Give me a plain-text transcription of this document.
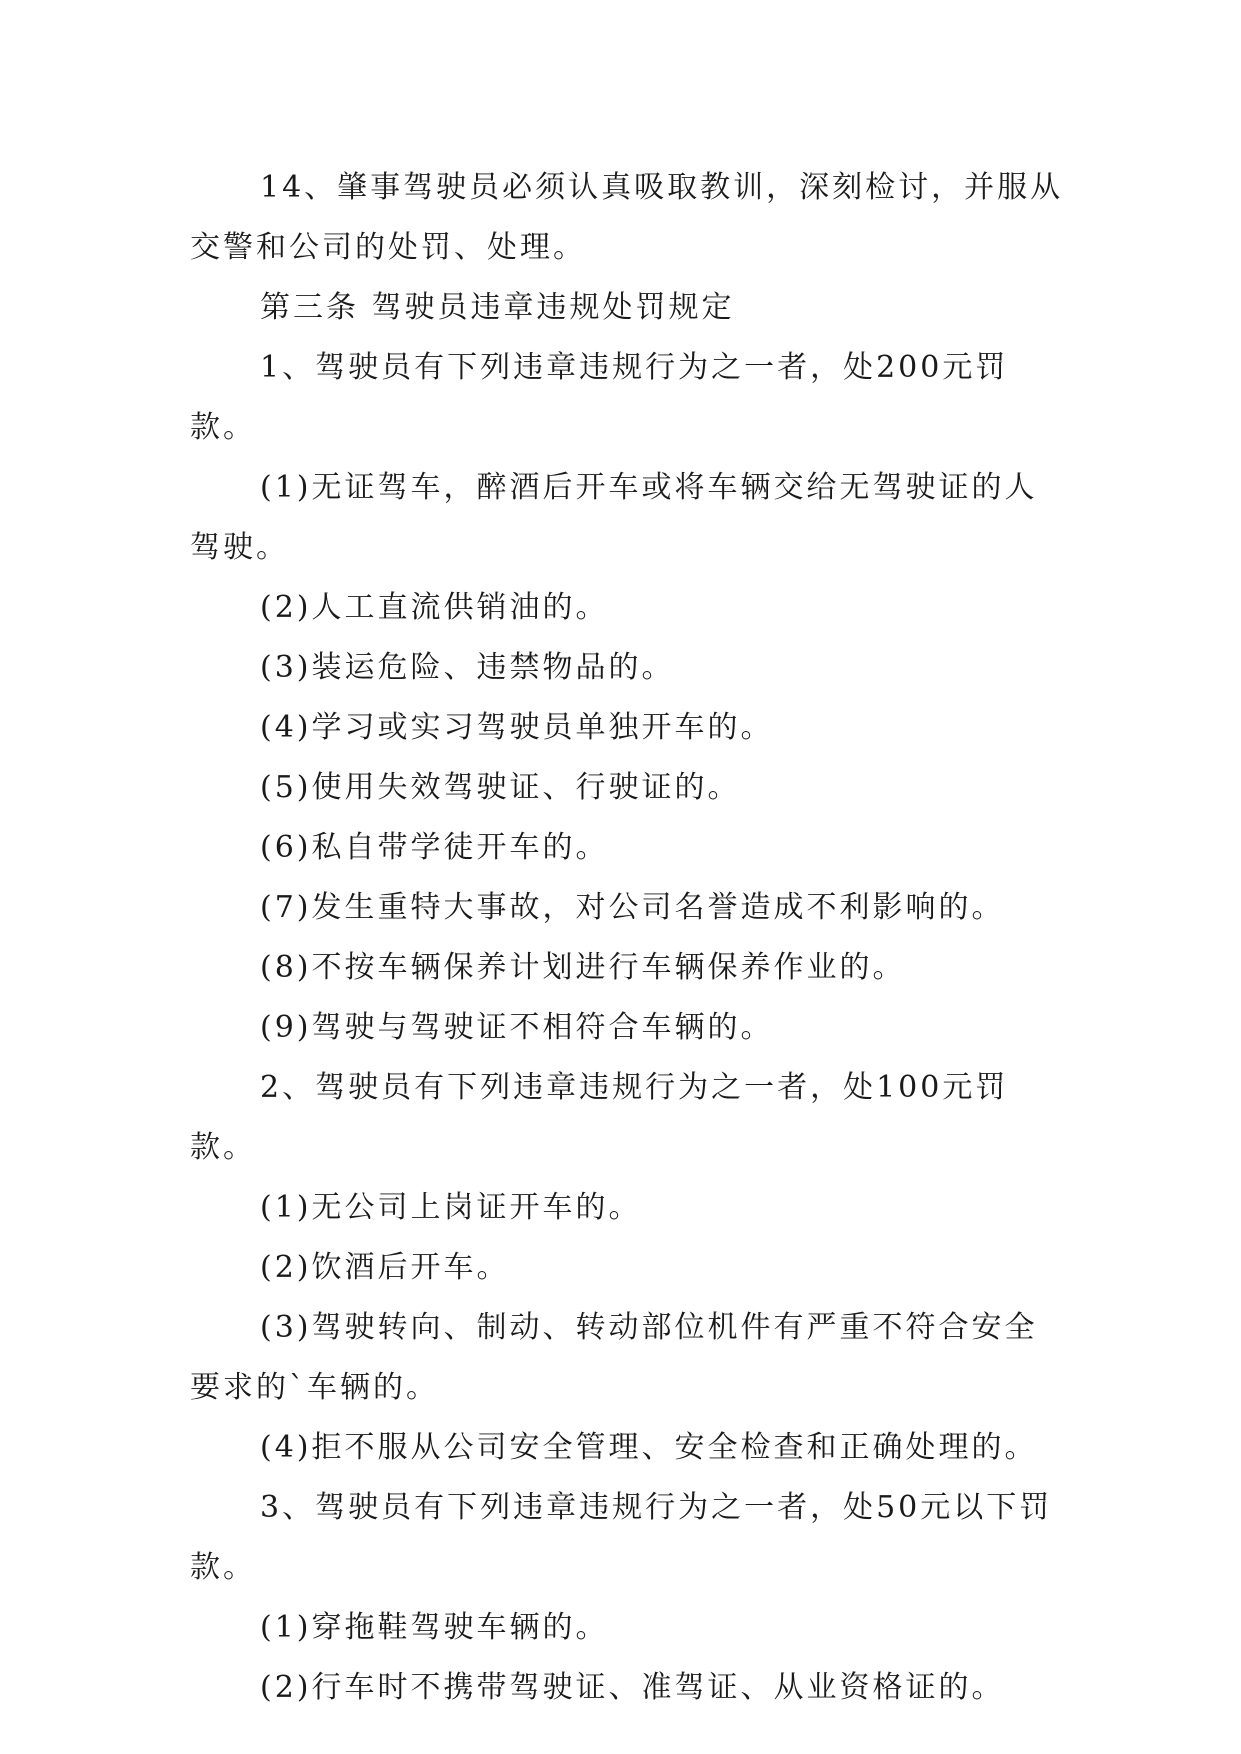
14、肇事驾驶员必须认真吸取教训，深刻检讨，并服从交警和公司的处罚、处理。

第三条 驾驶员违章违规处罚规定

1、驾驶员有下列违章违规行为之一者，处200元罚款。

(1)无证驾车，醉酒后开车或将车辆交给无驾驶证的人驾驶。

(2)人工直流供销油的。

(3)装运危险、违禁物品的。

(4)学习或实习驾驶员单独开车的。

(5)使用失效驾驶证、行驶证的。

(6)私自带学徒开车的。

(7)发生重特大事故，对公司名誉造成不利影响的。

(8)不按车辆保养计划进行车辆保养作业的。

(9)驾驶与驾驶证不相符合车辆的。

2、驾驶员有下列违章违规行为之一者，处100元罚款。

(1)无公司上岗证开车的。

(2)饮酒后开车。

(3)驾驶转向、制动、转动部位机件有严重不符合安全要求的`车辆的。

(4)拒不服从公司安全管理、安全检查和正确处理的。

3、驾驶员有下列违章违规行为之一者，处50元以下罚款。

(1)穿拖鞋驾驶车辆的。

(2)行车时不携带驾驶证、准驾证、从业资格证的。
